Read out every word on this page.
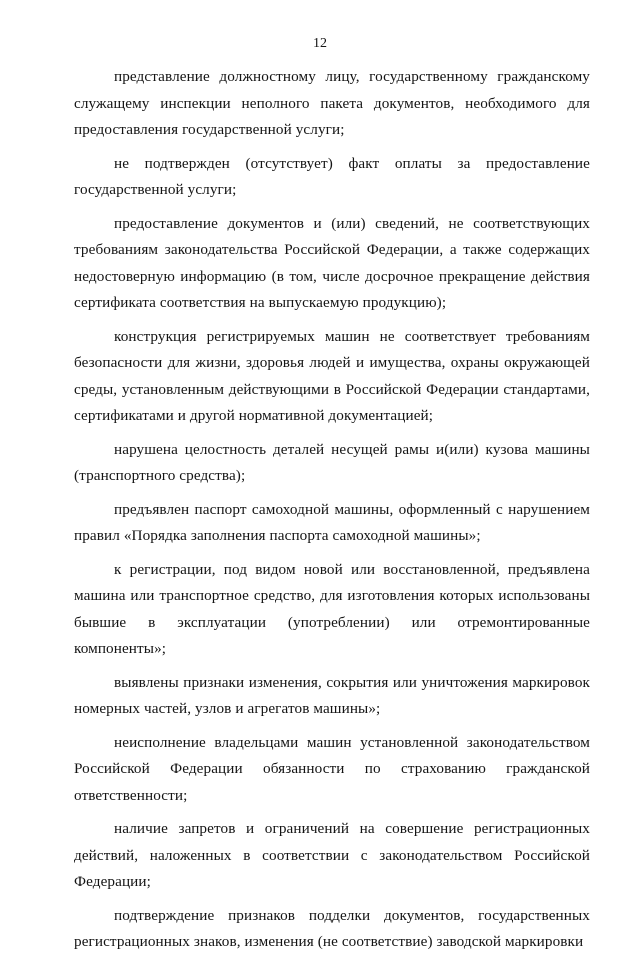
12

представление должностному лицу, государственному гражданскому служащему инспекции неполного пакета документов, необходимого для предоставления государственной услуги;

не подтвержден (отсутствует) факт оплаты за предоставление государственной услуги;

предоставление документов и (или) сведений, не соответствующих требованиям законодательства Российской Федерации, а также содержащих недостоверную информацию (в том, числе досрочное прекращение действия сертификата соответствия на выпускаемую продукцию);

конструкция регистрируемых машин не соответствует требованиям безопасности для жизни, здоровья людей и имущества, охраны окружающей среды, установленным действующими в Российской Федерации стандартами, сертификатами и другой нормативной документацией;

нарушена целостность деталей несущей рамы и(или) кузова машины (транспортного средства);

предъявлен паспорт самоходной машины, оформленный с нарушением правил «Порядка заполнения паспорта самоходной машины»;

к регистрации, под видом новой или восстановленной, предъявлена машина или транспортное средство, для изготовления которых использованы бывшие в эксплуатации (употреблении) или отремонтированные компоненты»;

выявлены признаки изменения, сокрытия или уничтожения маркировок номерных частей, узлов и агрегатов машины»;

неисполнение владельцами машин установленной законодательством Российской Федерации обязанности по страхованию гражданской ответственности;

наличие запретов и ограничений на совершение регистрационных действий, наложенных в соответствии с законодательством Российской Федерации;

подтверждение признаков подделки документов, государственных регистрационных знаков, изменения (не соответствие) заводской маркировки
